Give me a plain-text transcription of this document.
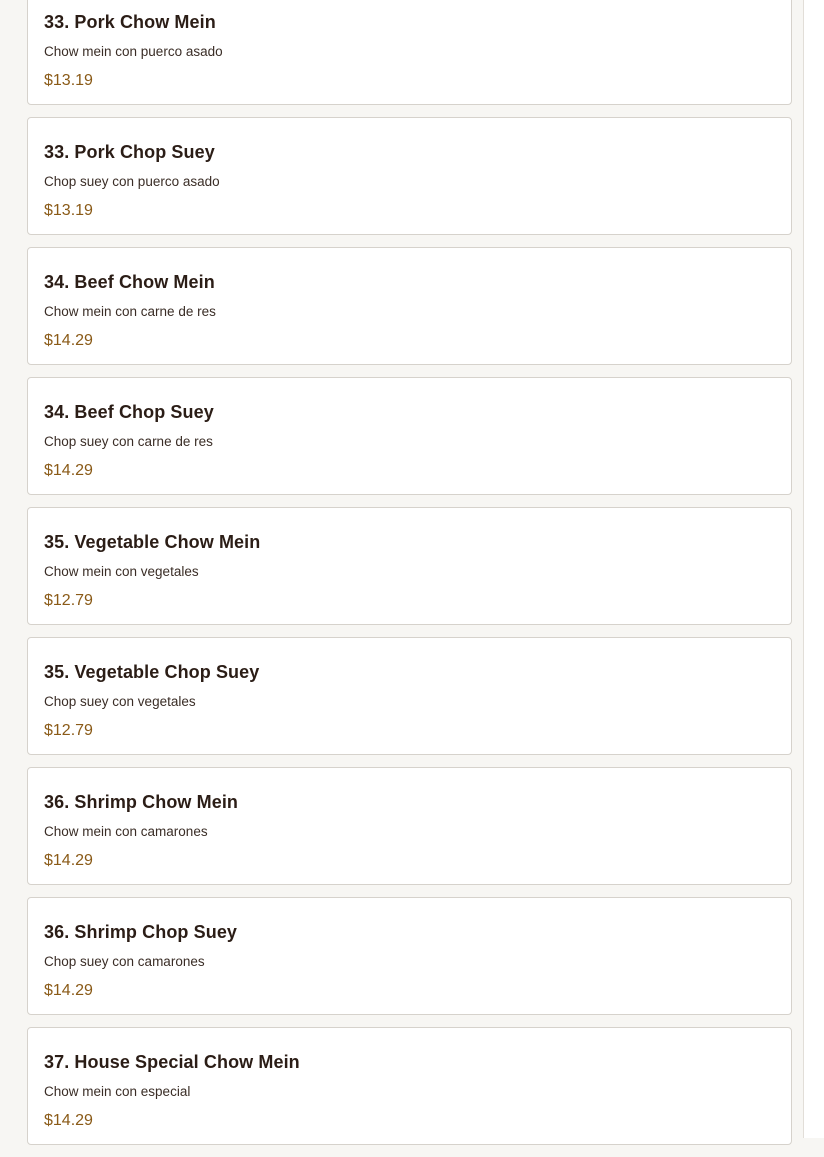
33. Pork Chow Mein

Chow mein con puerco asado

$13.19

33. Pork Chop Suey

Chop suey con puerco asado

$13.19

34. Beef Chow Mein

Chow mein con carne de res

$14.29

34. Beef Chop Suey

Chop suey con carne de res

$14.29

35. Vegetable Chow Mein

Chow mein con vegetales

$12.79

35. Vegetable Chop Suey

Chop suey con vegetales

$12.79

36. Shrimp Chow Mein

Chow mein con camarones

$14.29

36. Shrimp Chop Suey

Chop suey con camarones

$14.29

37. House Special Chow Mein

Chow mein con especial

$14.29
